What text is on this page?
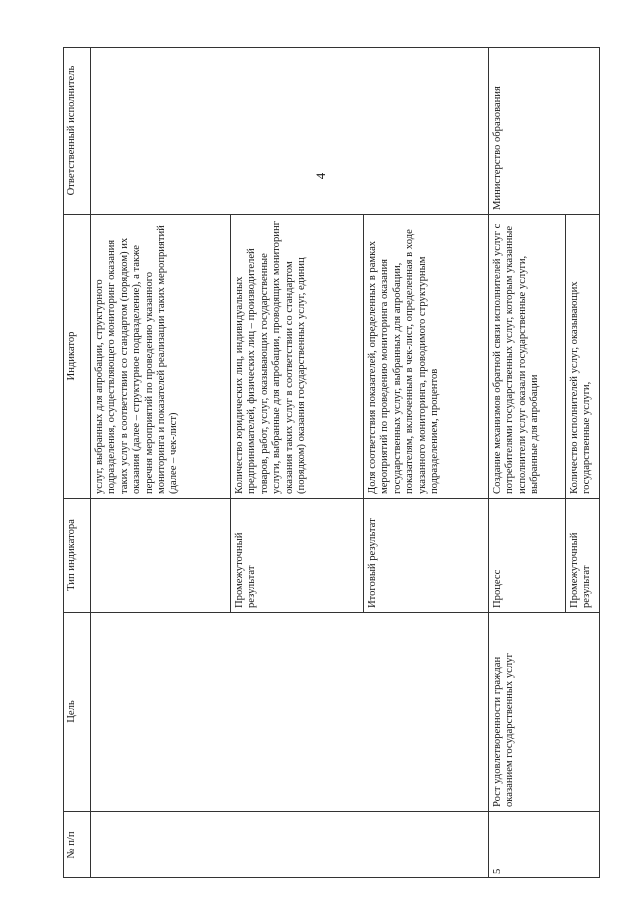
4
№ п/п
Цель
Тип индикатора
Индикатор
Ответственный исполнитель
услуг, выбранных для апробации, структурного подразделения, осуществляющего мониторинг оказания таких услуг в соответствии со стандартом (порядком) их оказания (далее – структурное подразделение), а также перечня мероприятий по проведению указанного мониторинга и показателей реализации таких мероприятий (далее – чек-лист)
Промежуточный результат
Количество юридических лиц, индивидуальных предпринимателей, физических лиц – производителей товаров, работ, услуг, оказывающих государственные услуги, выбранные для апробации, проводящих мониторинг оказания таких услуг в соответствии со стандартом (порядком) оказания государственных услуг, единиц
Итоговый результат
Доля соответствия показателей, определенных в рамках мероприятий по проведению мониторинга оказания государственных услуг, выбранных для апробации, показателям, включенным в чек-лист, определенная в ходе указанного мониторинга, проводимого структурным подразделением, процентов
5
Рост удовлетворенности граждан оказанием государственных услуг
Процесс
Создание механизмов обратной связи исполнителей услуг с потребителями государственных услуг, которым указанные исполнители услуг оказали государственные услуги, выбранные для апробации
Министерство образования
Промежуточный результат
Количество исполнителей услуг, оказывающих государственные услуги,
